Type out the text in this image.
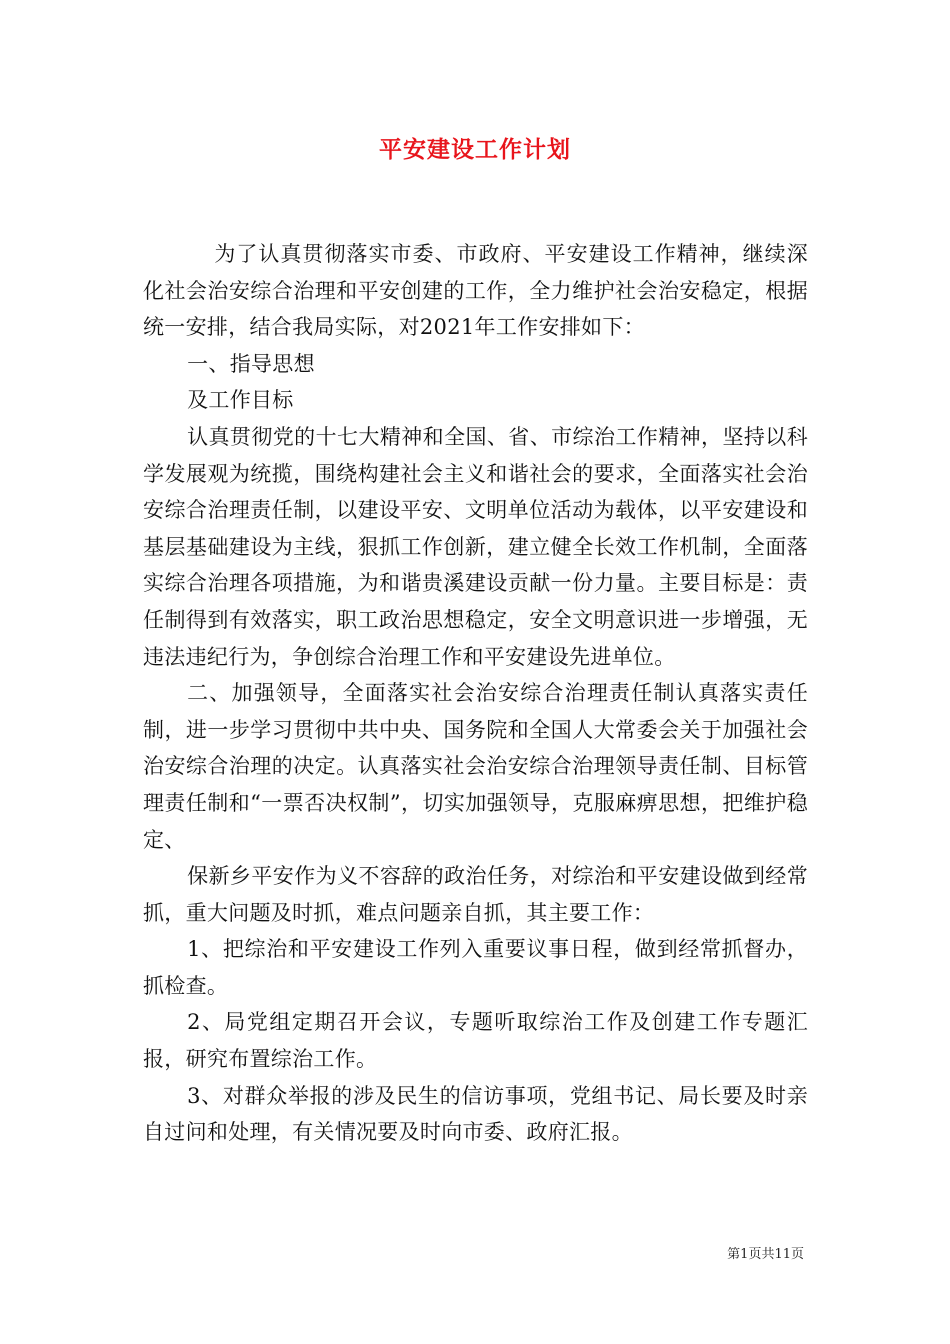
平安建设工作计划

为了认真贯彻落实市委、市政府、平安建设工作精神，继续深化社会治安综合治理和平安创建的工作，全力维护社会治安稳定，根据统一安排，结合我局实际，对2021年工作安排如下：

一、指导思想

及工作目标

认真贯彻党的十七大精神和全国、省、市综治工作精神，坚持以科学发展观为统揽，围绕构建社会主义和谐社会的要求，全面落实社会治安综合治理责任制，以建设平安、文明单位活动为载体，以平安建设和基层基础建设为主线，狠抓工作创新，建立健全长效工作机制，全面落实综合治理各项措施，为和谐贵溪建设贡献一份力量。主要目标是：责任制得到有效落实，职工政治思想稳定，安全文明意识进一步增强，无违法违纪行为，争创综合治理工作和平安建设先进单位。

二、加强领导，全面落实社会治安综合治理责任制认真落实责任制，进一步学习贯彻中共中央、国务院和全国人大常委会关于加强社会治安综合治理的决定。认真落实社会治安综合治理领导责任制、目标管理责任制和“一票否决权制”，切实加强领导，克服麻痹思想，把维护稳定、

保新乡平安作为义不容辞的政治任务，对综治和平安建设做到经常抓，重大问题及时抓，难点问题亲自抓，其主要工作：

1、把综治和平安建设工作列入重要议事日程，做到经常抓督办，抓检查。

2、局党组定期召开会议，专题听取综治工作及创建工作专题汇报，研究布置综治工作。

3、对群众举报的涉及民生的信访事项，党组书记、局长要及时亲自过问和处理，有关情况要及时向市委、政府汇报。

第1页共11页
